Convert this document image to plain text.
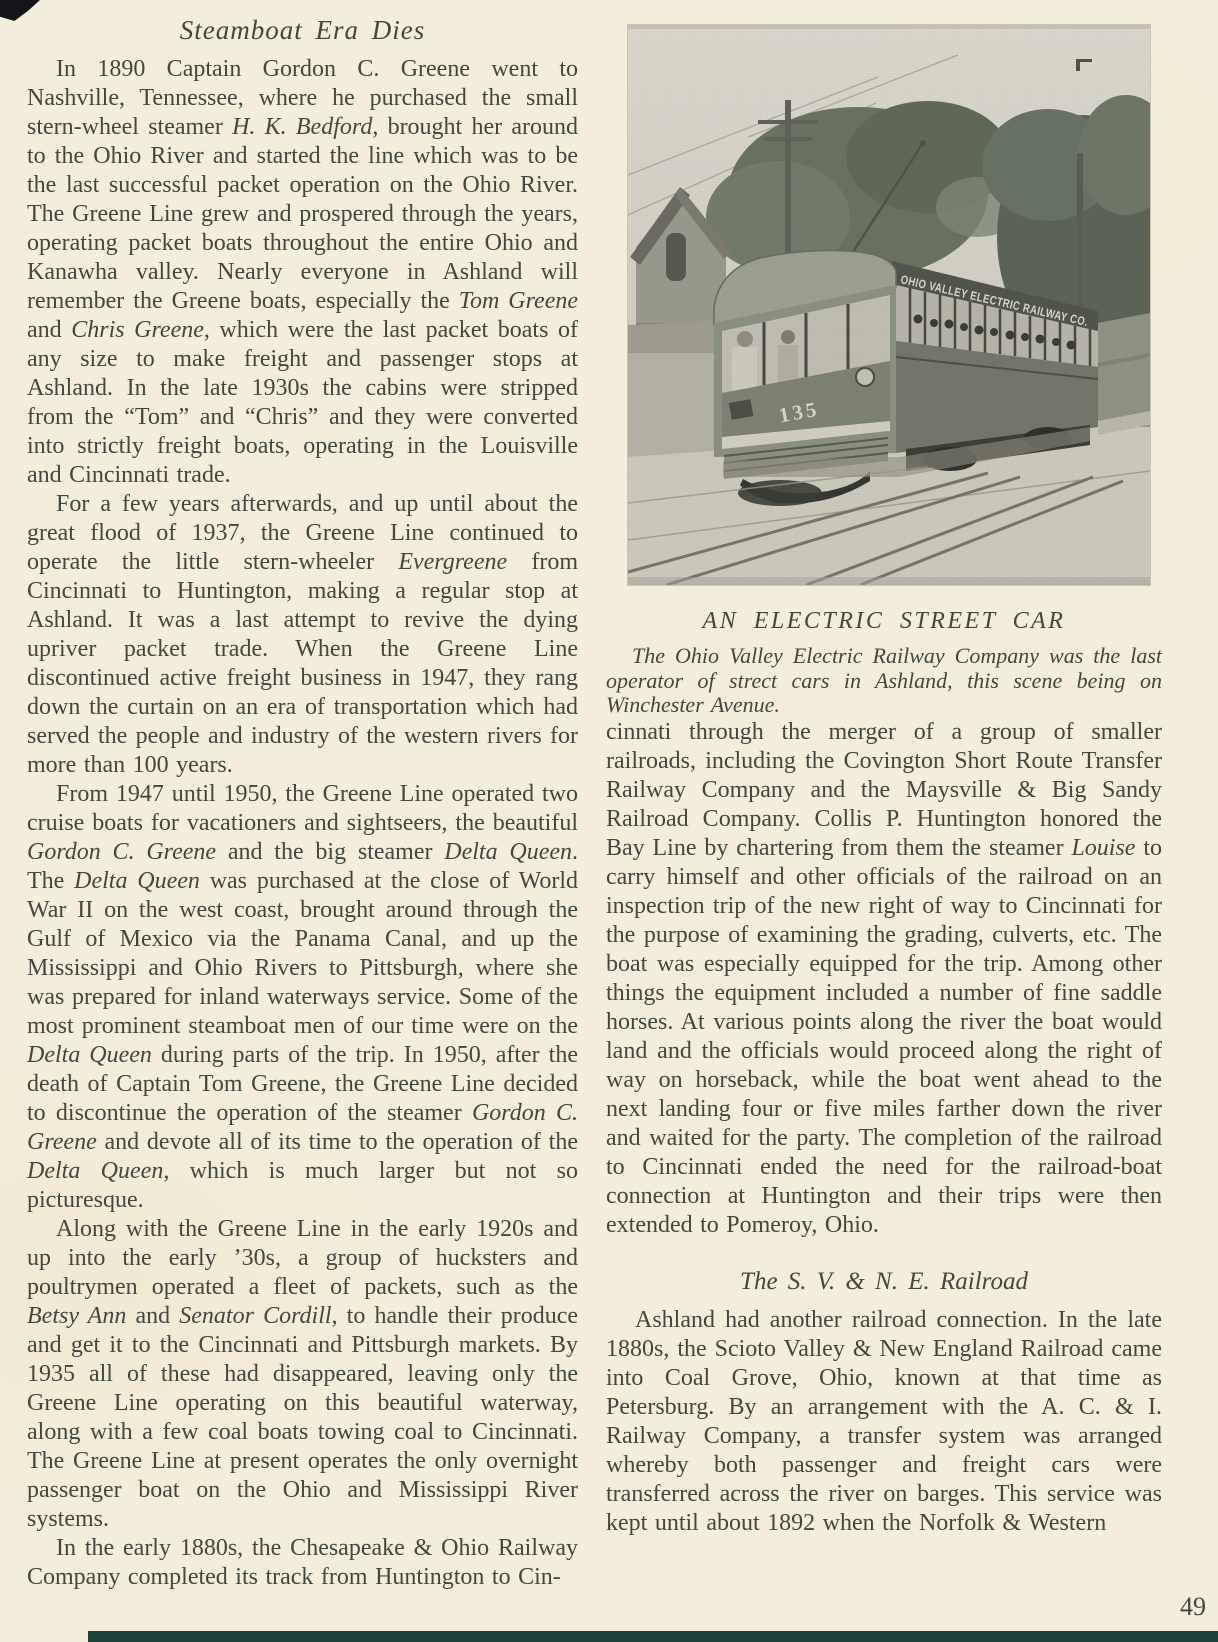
Steamboat Era Dies

In 1890 Captain Gordon C. Greene went to Nashville, Tennessee, where he purchased the small stern-wheel steamer H. K. Bedford, brought her around to the Ohio River and started the line which was to be the last successful packet operation on the Ohio River. The Greene Line grew and prospered through the years, operating packet boats throughout the entire Ohio and Kanawha valley. Nearly everyone in Ashland will remember the Greene boats, especially the Tom Greene and Chris Greene, which were the last packet boats of any size to make freight and passenger stops at Ashland. In the late 1930s the cabins were stripped from the “Tom” and “Chris” and they were converted into strictly freight boats, operating in the Louisville and Cincinnati trade.

For a few years afterwards, and up until about the great flood of 1937, the Greene Line continued to operate the little stern-wheeler Evergreene from Cincinnati to Huntington, making a regular stop at Ashland. It was a last attempt to revive the dying upriver packet trade. When the Greene Line discontinued active freight business in 1947, they rang down the curtain on an era of transportation which had served the people and industry of the western rivers for more than 100 years.

From 1947 until 1950, the Greene Line operated two cruise boats for vacationers and sightseers, the beautiful Gordon C. Greene and the big steamer Delta Queen. The Delta Queen was purchased at the close of World War II on the west coast, brought around through the Gulf of Mexico via the Panama Canal, and up the Mississippi and Ohio Rivers to Pittsburgh, where she was prepared for inland waterways service. Some of the most prominent steamboat men of our time were on the Delta Queen during parts of the trip. In 1950, after the death of Captain Tom Greene, the Greene Line decided to discontinue the operation of the steamer Gordon C. Greene and devote all of its time to the operation of the Delta Queen, which is much larger but not so picturesque.

Along with the Greene Line in the early 1920s and up into the early ’30s, a group of hucksters and poultrymen operated a fleet of packets, such as the Betsy Ann and Senator Cordill, to handle their produce and get it to the Cincinnati and Pittsburgh markets. By 1935 all of these had disappeared, leaving only the Greene Line operating on this beautiful waterway, along with a few coal boats towing coal to Cincinnati. The Greene Line at present operates the only overnight passenger boat on the Ohio and Mississippi River systems.

In the early 1880s, the Chesapeake & Ohio Railway Company completed its track from Huntington to Cin-

AN ELECTRIC STREET CAR

The Ohio Valley Electric Railway Company was the last operator of strect cars in Ashland, this scene being on Winchester Avenue.

cinnati through the merger of a group of smaller railroads, including the Covington Short Route Transfer Railway Company and the Maysville & Big Sandy Railroad Company. Collis P. Huntington honored the Bay Line by chartering from them the steamer Louise to carry himself and other officials of the railroad on an inspection trip of the new right of way to Cincinnati for the purpose of examining the grading, culverts, etc. The boat was especially equipped for the trip. Among other things the equipment included a number of fine saddle horses. At various points along the river the boat would land and the officials would proceed along the right of way on horseback, while the boat went ahead to the next landing four or five miles farther down the river and waited for the party. The completion of the railroad to Cincinnati ended the need for the railroad-boat connection at Huntington and their trips were then extended to Pomeroy, Ohio.

The S. V. & N. E. Railroad

Ashland had another railroad connection. In the late 1880s, the Scioto Valley & New England Railroad came into Coal Grove, Ohio, known at that time as Petersburg. By an arrangement with the A. C. & I. Railway Company, a transfer system was arranged whereby both passenger and freight cars were transferred across the river on barges. This service was kept until about 1892 when the Norfolk & Western

49
